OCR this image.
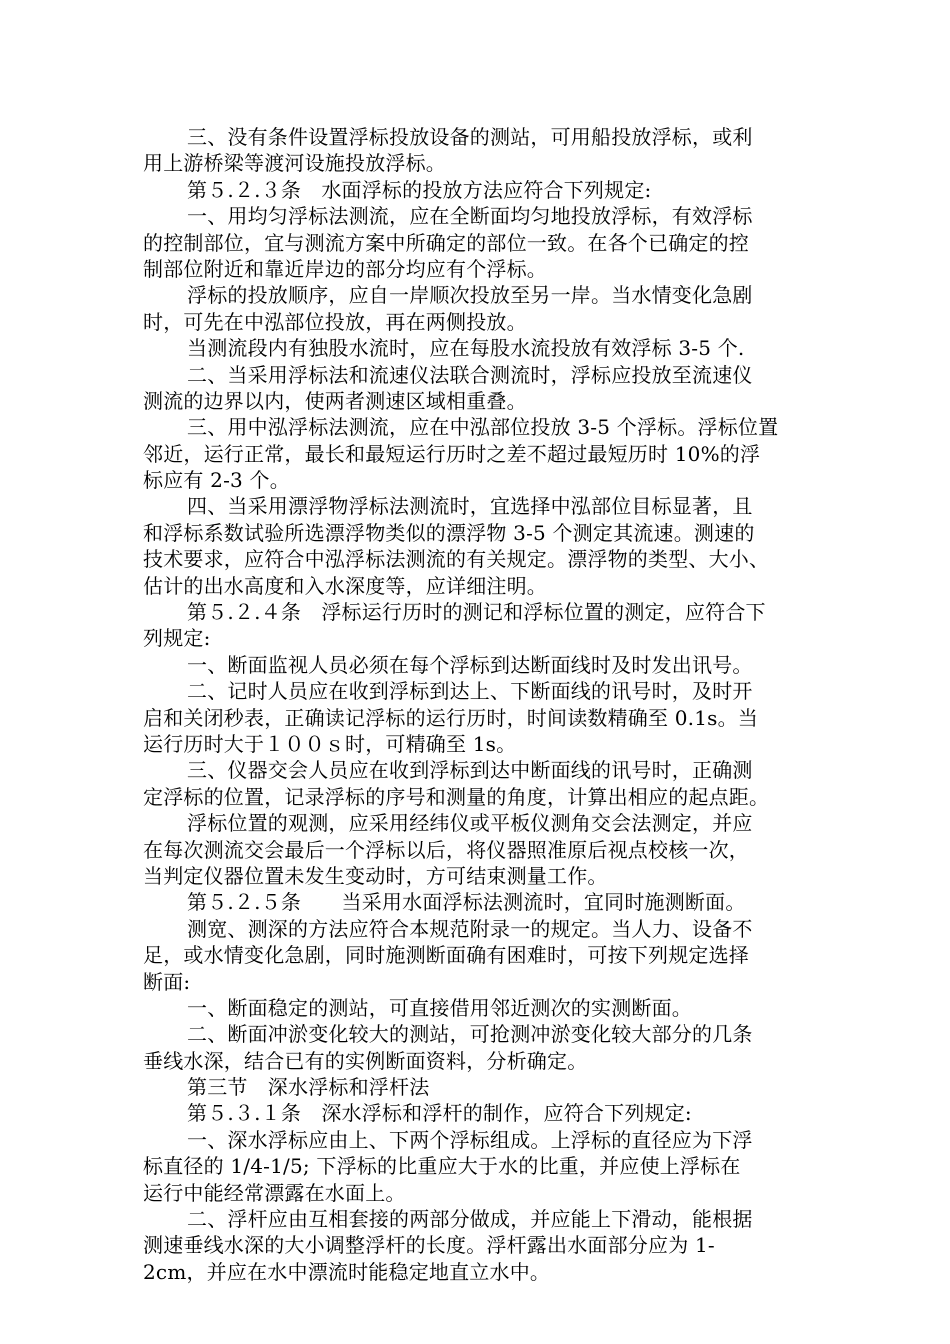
三、没有条件设置浮标投放设备的测站，可用船投放浮标，或利
用上游桥梁等渡河设施投放浮标。
第５.２.３条　水面浮标的投放方法应符合下列规定:
一、用均匀浮标法测流，应在全断面均匀地投放浮标，有效浮标
的控制部位，宜与测流方案中所确定的部位一致。在各个已确定的控
制部位附近和靠近岸边的部分均应有个浮标。
浮标的投放顺序，应自一岸顺次投放至另一岸。当水情变化急剧
时，可先在中泓部位投放，再在两侧投放。
当测流段内有独股水流时，应在每股水流投放有效浮标 3-5 个.
二、当采用浮标法和流速仪法联合测流时，浮标应投放至流速仪
测流的边界以内，使两者测速区域相重叠。
三、用中泓浮标法测流，应在中泓部位投放 3-5 个浮标。浮标位置
邻近，运行正常，最长和最短运行历时之差不超过最短历时 10%的浮
标应有 2-3 个。
四、当采用漂浮物浮标法测流时，宜选择中泓部位目标显著，且
和浮标系数试验所选漂浮物类似的漂浮物 3-5 个测定其流速。测速的
技术要求，应符合中泓浮标法测流的有关规定。漂浮物的类型、大小、
估计的出水高度和入水深度等，应详细注明。
第５.２.４条　浮标运行历时的测记和浮标位置的测定，应符合下
列规定:
一、断面监视人员必须在每个浮标到达断面线时及时发出讯号。
二、记时人员应在收到浮标到达上、下断面线的讯号时，及时开
启和关闭秒表，正确读记浮标的运行历时，时间读数精确至 0.1s。当
运行历时大于１００ｓ时，可精确至 1s。
三、仪器交会人员应在收到浮标到达中断面线的讯号时，正确测
定浮标的位置，记录浮标的序号和测量的角度，计算出相应的起点距。
浮标位置的观测，应采用经纬仪或平板仪测角交会法测定，并应
在每次测流交会最后一个浮标以后，将仪器照准原后视点校核一次，
当判定仪器位置未发生变动时，方可结束测量工作。
第５.２.５条　　当采用水面浮标法测流时，宜同时施测断面。
测宽、测深的方法应符合本规范附录一的规定。当人力、设备不
足，或水情变化急剧，同时施测断面确有困难时，可按下列规定选择
断面:
一、断面稳定的测站，可直接借用邻近测次的实测断面。
二、断面冲淤变化较大的测站，可抢测冲淤变化较大部分的几条
垂线水深，结合已有的实例断面资料，分析确定。
第三节　深水浮标和浮杆法
第５.３.１条　深水浮标和浮杆的制作，应符合下列规定:
一、深水浮标应由上、下两个浮标组成。上浮标的直径应为下浮
标直径的 1/4-1/5; 下浮标的比重应大于水的比重，并应使上浮标在
运行中能经常漂露在水面上。
二、浮杆应由互相套接的两部分做成，并应能上下滑动，能根据
测速垂线水深的大小调整浮杆的长度。浮杆露出水面部分应为 1-
2cm，并应在水中漂流时能稳定地直立水中。
